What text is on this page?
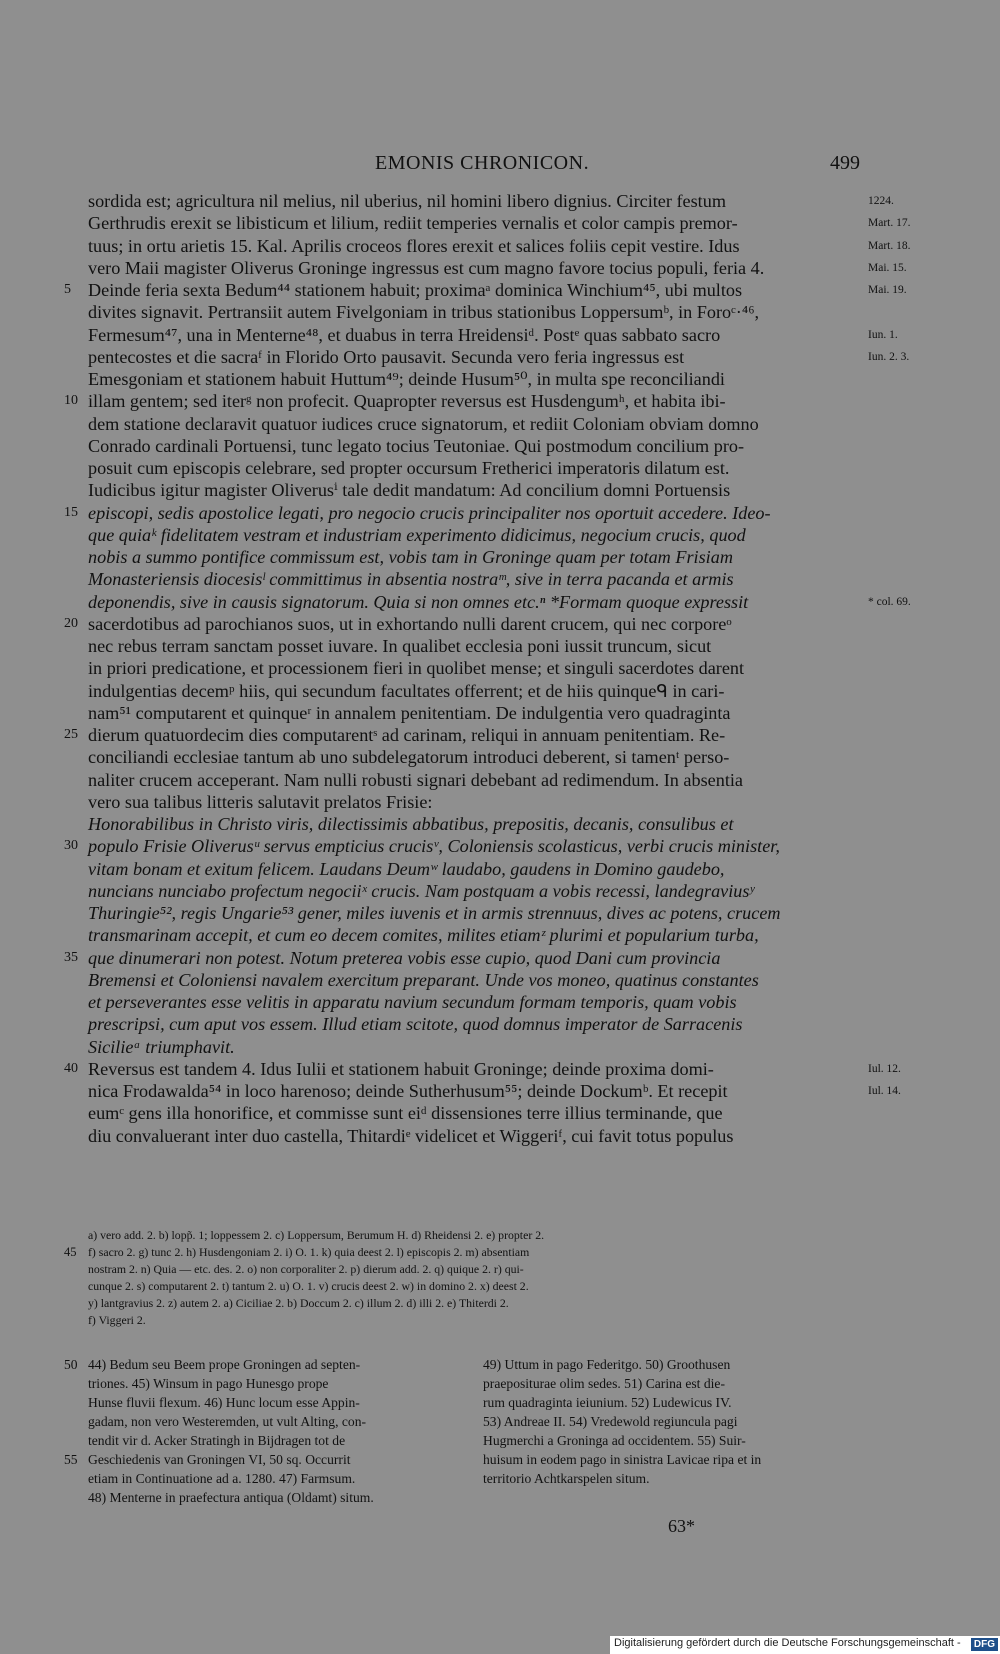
EMONIS CHRONICON.	499
sordida est; agricultura nil melius, nil uberius, nil homini libero dignius. Circiter festum	1224.
Gerthrudis erexit se libisticum et lilium, rediit temperies vernalis et color campis premor-	Mart. 17.
tuus; in ortu arietis 15. Kal. Aprilis croceos flores erexit et salices foliis cepit vestire. Idus	Mart. 18.
vero Maii magister Oliverus Groninge ingressus est cum magno favore tocius populi, feria 4.	Mai. 15.
5 Deinde feria sexta Bedum⁴⁴ stationem habuit; proximaᵃ dominica Winchium⁴⁵, ubi multos	Mai. 19.
divites signavit. Pertransiit autem Fivelgoniam in tribus stationibus Loppersumᵇ, in Foroᶜ·⁴⁶,
Fermesum⁴⁷, una in Menterne⁴⁸, et duabus in terra Hreidensiᵈ. Postᵉ quas sabbato sacro	Iun. 1.
pentecostes et die sacraᶠ in Florido Orto pausavit. Secunda vero feria ingressus est	Iun. 2. 3.
Emesgoniam et stationem habuit Huttum⁴⁹; deinde Husum⁵⁰, in multa spe reconciliandi
10 illam gentem; sed iterᵍ non profecit. Quapropter reversus est Husdengumʰ, et habita ibi-
dem statione declaravit quatuor iudices cruce signatorum, et rediit Coloniam obviam domno
Conrado cardinali Portuensi, tunc legato tocius Teutoniae. Qui postmodum concilium pro-
posuit cum episcopis celebrare, sed propter occursum Fretherici imperatoris dilatum est.
Iudicibus igitur magister Oliverusⁱ tale dedit mandatum: Ad concilium domni Portuensis
15 episcopi, sedis apostolice legati, pro negocio crucis principaliter nos oportuit accedere. Ideo-
que quiaᵏ fidelitatem vestram et industriam experimento didicimus, negocium crucis, quod
nobis a summo pontifice commissum est, vobis tam in Groninge quam per totam Frisiam
Monasteriensis diocesisˡ committimus in absentia nostraᵐ, sive in terra pacanda et armis
deponendis, sive in causis signatorum. Quia si non omnes etc.ⁿ *Formam quoque expressit	* col. 69.
20 sacerdotibus ad parochianos suos, ut in exhortando nulli darent crucem, qui nec corporeᵒ
nec rebus terram sanctam posset iuvare. In qualibet ecclesia poni iussit truncum, sicut
in priori predicatione, et processionem fieri in quolibet mense; et singuli sacerdotes darent
indulgentias decemᵖ hiis, qui secundum facultates offerrent; et de hiis quinqueᑫ in cari-
nam⁵¹ computarent et quinqueʳ in annalem penitentiam. De indulgentia vero quadraginta
25 dierum quatuordecim dies computarentˢ ad carinam, reliqui in annuam penitentiam. Re-
conciliandi ecclesiae tantum ab uno subdelegatorum introduci deberent, si tamenᵗ perso-
naliter crucem acceperant. Nam nulli robusti signari debebant ad redimendum. In absentia
vero sua talibus litteris salutavit prelatos Frisie:
Honorabilibus in Christo viris, dilectissimis abbatibus, prepositis, decanis, consulibus et
30 populo Frisie Oliverusᵘ servus empticius crucisᵛ, Coloniensis scolasticus, verbi crucis minister,
vitam bonam et exitum felicem. Laudans Deumʷ laudabo, gaudens in Domino gaudebo,
nuncians nunciabo profectum negociiˣ crucis. Nam postquam a vobis recessi, landegraviusʸ
Thuringie⁵², regis Ungarie⁵³ gener, miles iuvenis et in armis strennuus, dives ac potens, crucem
transmarinam accepit, et cum eo decem comites, milites etiamᶻ plurimi et popularium turba,
35 que dinumerari non potest. Notum preterea vobis esse cupio, quod Dani cum provincia
Bremensi et Coloniensi navalem exercitum preparant. Unde vos moneo, quatinus constantes
et perseverantes esse velitis in apparatu navium secundum formam temporis, quam vobis
prescripsi, cum aput vos essem. Illud etiam scitote, quod domnus imperator de Sarracenis
Sicilieᵃ triumphavit.
40 Reversus est tandem 4. Idus Iulii et stationem habuit Groninge; deinde proxima domi-	Iul. 12.
nica Frodawalda⁵⁴ in loco harenoso; deinde Sutherhusum⁵⁵; deinde Dockumᵇ. Et recepit	Iul. 14.
eumᶜ gens illa honorifice, et commisse sunt eiᵈ dissensiones terre illius terminande, que
diu convaluerant inter duo castella, Thitardiᵉ videlicet et Wiggeriᶠ, cui favit totus populus
a) vero add. 2. b) lopp̃. 1; loppessem 2. c) Loppersum, Berumum H. d) Rheidensi 2. e) propter 2.
45 f) sacro 2. g) tunc 2. h) Husdengoniam 2. i) O. 1. k) quia deest 2. l) episcopis 2. m) absentiam
nostram 2. n) Quia — etc. des. 2. o) non corporaliter 2. p) dierum add. 2. q) quique 2. r) qui-
cunque 2. s) computarent 2. t) tantum 2. u) O. 1. v) crucis deest 2. w) in domino 2. x) deest 2.
y) lantgravius 2. z) autem 2. a) Ciciliae 2. b) Doccum 2. c) illum 2. d) illi 2. e) Thiterdi 2.
f) Viggeri 2.
50 44) Bedum seu Beem prope Groningen ad septen-
triones. 45) Winsum in pago Hunesgo prope
Hunse fluvii flexum. 46) Hunc locum esse Appin-
gadam, non vero Westeremden, ut vult Alting, con-
tendit vir d. Acker Stratingh in Bijdragen tot de
55 Geschiedenis van Groningen VI, 50 sq. Occurrit
etiam in Continuatione ad a. 1280. 47) Farmsum.
48) Menterne in praefectura antiqua (Oldamt) situm.
49) Uttum in pago Federitgo. 50) Groothusen
praepositurae olim sedes. 51) Carina est die-
rum quadraginta ieiunium. 52) Ludewicus IV.
53) Andreae II. 54) Vredewold regiuncula pagi
Hugmerchi a Groninga ad occidentem. 55) Suir-
huisum in eodem pago in sinistra Lavicae ripa et in
territorio Achtkarspelen situm.
63*
Digitalisierung gefördert durch die Deutsche Forschungsgemeinschaft -	DFG
